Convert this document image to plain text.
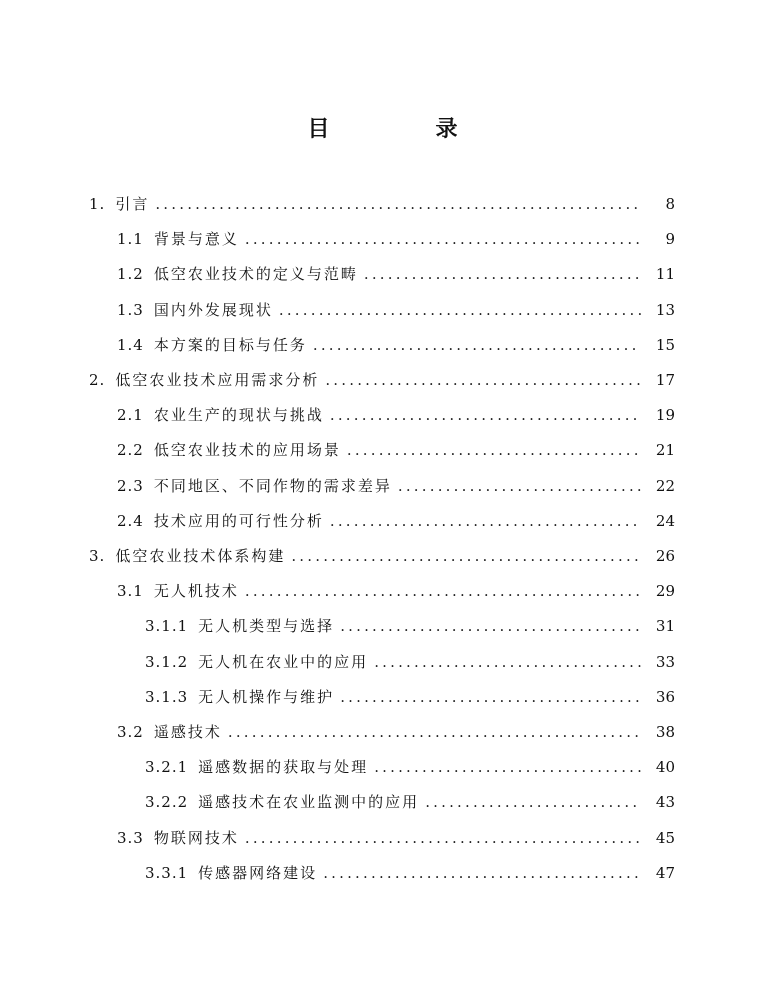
目　录
1. 引言 .....	8
1.1 背景与意义 .....	9
1.2 低空农业技术的定义与范畴 .....	11
1.3 国内外发展现状 .....	13
1.4 本方案的目标与任务 .....	15
2. 低空农业技术应用需求分析 .....	17
2.1 农业生产的现状与挑战 .....	19
2.2 低空农业技术的应用场景 .....	21
2.3 不同地区、不同作物的需求差异 .....	22
2.4 技术应用的可行性分析 .....	24
3. 低空农业技术体系构建 .....	26
3.1 无人机技术 .....	29
3.1.1 无人机类型与选择 .....	31
3.1.2 无人机在农业中的应用 .....	33
3.1.3 无人机操作与维护 .....	36
3.2 遥感技术 .....	38
3.2.1 遥感数据的获取与处理 .....	40
3.2.2 遥感技术在农业监测中的应用 .....	43
3.3 物联网技术 .....	45
3.3.1 传感器网络建设 .....	47
